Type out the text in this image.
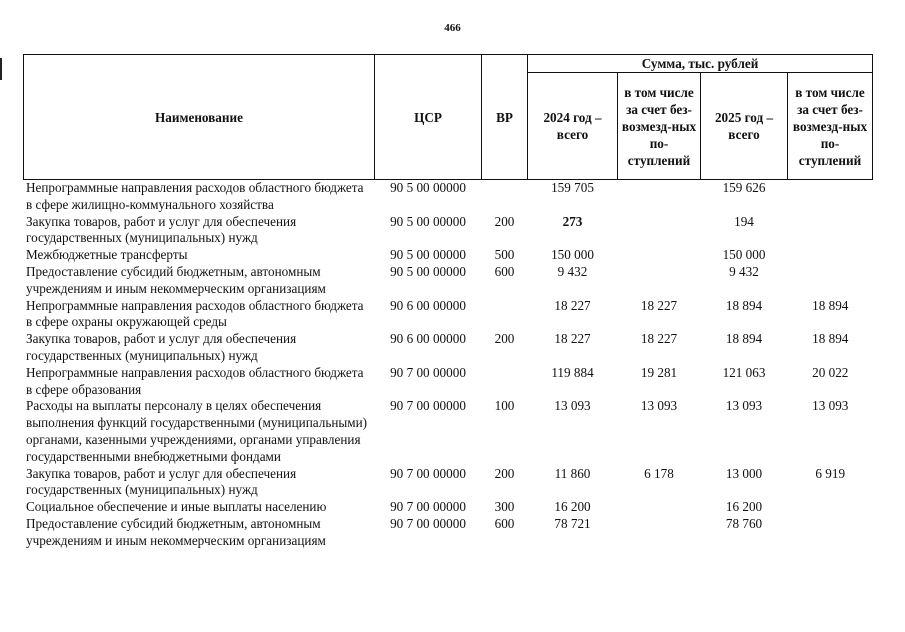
466
Наименование	ЦСР	ВР	Сумма, тыс. рублей			
			2024 год – всего	в том числе за счет без-возмезд-ных по-ступлений	2025 год – всего	в том числе за счет без-возмезд-ных по-ступлений
Непрограммные направления расходов областного бюджета в сфере жилищно-коммунального хозяйства	90 5 00 00000		159 705		159 626	
Закупка товаров, работ и услуг для обеспечения государственных (муниципальных) нужд	90 5 00 00000	200	273		194	
Межбюджетные трансферты	90 5 00 00000	500	150 000		150 000	
Предоставление субсидий бюджетным, автономным учреждениям и иным некоммерческим организациям	90 5 00 00000	600	9 432		9 432	
Непрограммные направления расходов областного бюджета в сфере охраны окружающей среды	90 6 00 00000		18 227	18 227	18 894	18 894
Закупка товаров, работ и услуг для обеспечения государственных (муниципальных) нужд	90 6 00 00000	200	18 227	18 227	18 894	18 894
Непрограммные направления расходов областного бюджета в сфере образования	90 7 00 00000		119 884	19 281	121 063	20 022
Расходы на выплаты персоналу в целях обеспечения выполнения функций государственными (муниципальными) органами, казенными учреждениями, органами управления государственными внебюджетными фондами	90 7 00 00000	100	13 093	13 093	13 093	13 093
Закупка товаров, работ и услуг для обеспечения государственных (муниципальных) нужд	90 7 00 00000	200	11 860	6 178	13 000	6 919
Социальное обеспечение и иные выплаты населению	90 7 00 00000	300	16 200		16 200	
Предоставление субсидий бюджетным, автономным учреждениям и иным некоммерческим организациям	90 7 00 00000	600	78 721		78 760	
